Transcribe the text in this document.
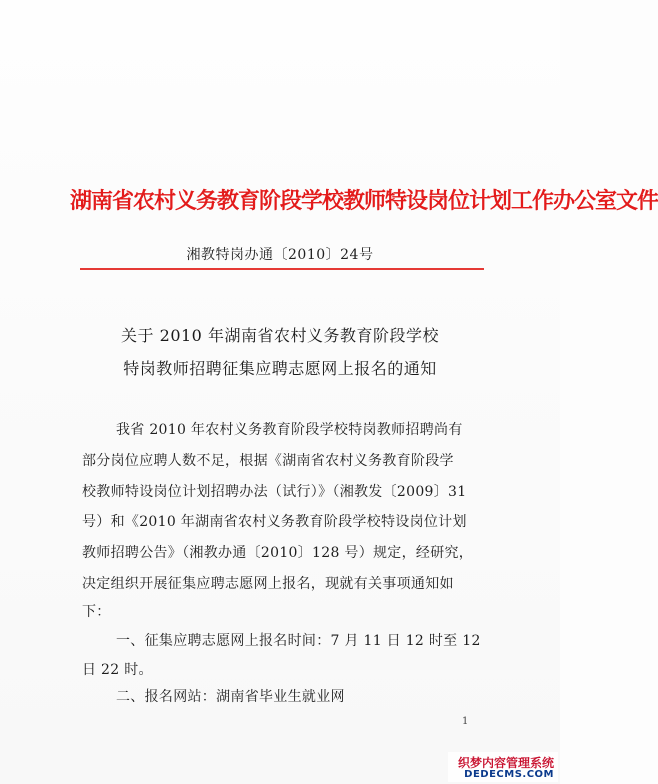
湖南省农村义务教育阶段学校教师特设岗位计划工作办公室文件
湘教特岗办通〔2010〕24号
关于 2010 年湖南省农村义务教育阶段学校
特岗教师招聘征集应聘志愿网上报名的通知
我省 2010 年农村义务教育阶段学校特岗教师招聘尚有
部分岗位应聘人数不足，根据《湖南省农村义务教育阶段学
校教师特设岗位计划招聘办法（试行）》（湘教发〔2009〕31
号）和《2010 年湖南省农村义务教育阶段学校特设岗位计划
教师招聘公告》（湘教办通〔2010〕128 号）规定，经研究，
决定组织开展征集应聘志愿网上报名，现就有关事项通知如
下：
一、征集应聘志愿网上报名时间：7 月 11 日 12 时至 12
日 22 时。
二、报名网站：湖南省毕业生就业网
1
织梦内容管理系统
DEDECMS.COM
